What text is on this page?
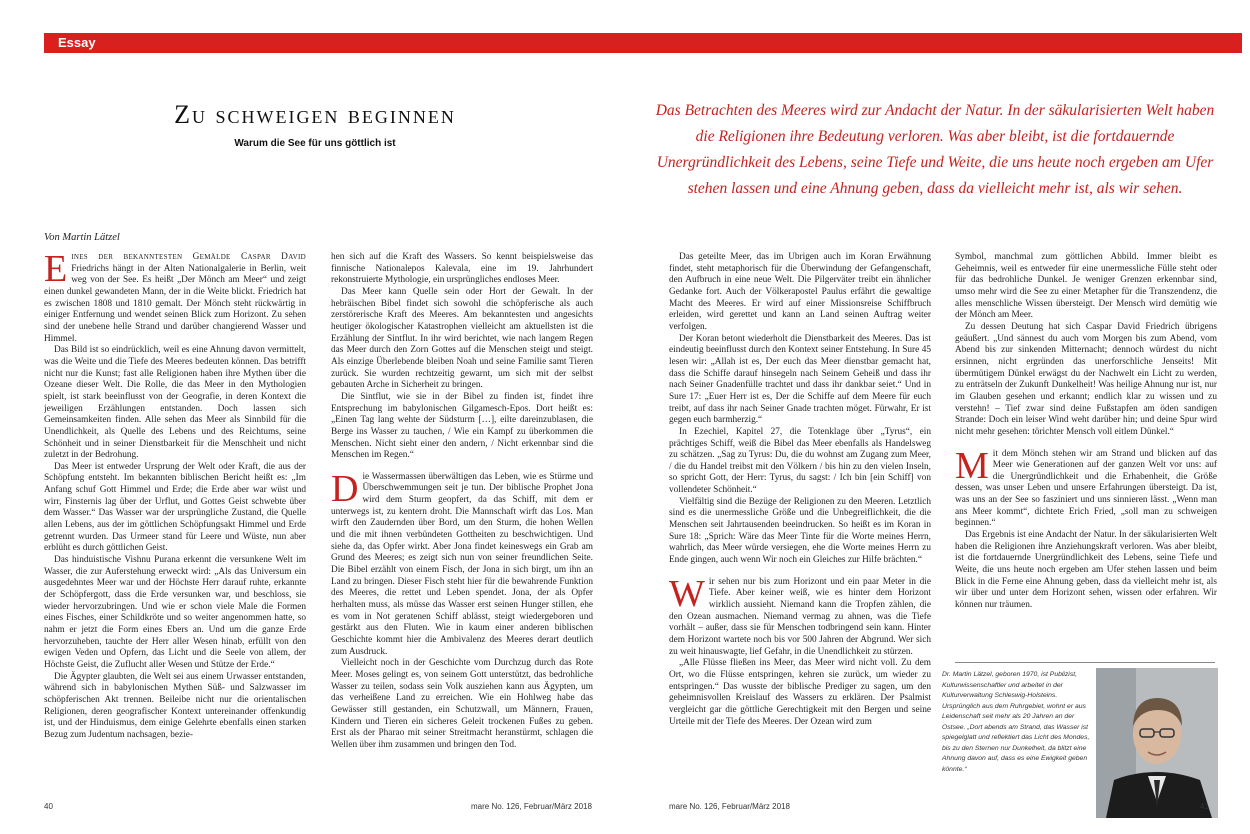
Essay
Zu schweigen beginnen
Warum die See für uns göttlich ist
Das Betrachten des Meeres wird zur Andacht der Natur. In der säkularisierten Welt haben die Religionen ihre Bedeutung verloren. Was aber bleibt, ist die fortdauernde Unergründlichkeit des Lebens, seine Tiefe und Weite, die uns heute noch ergeben am Ufer stehen lassen und eine Ahnung geben, dass da vielleicht mehr ist, als wir sehen.
Von Martin Lätzel

Eines der bekanntesten Gemälde Caspar David Friedrichs hängt in der Alten Nationalgalerie in Berlin, weit weg von der See. Es heißt „Der Mönch am Meer“ und zeigt einen dunkel gewandeten Mann, der in die Weite blickt. Friedrich hat es zwischen 1808 und 1810 gemalt. Der Mönch steht rückwärtig in einiger Entfernung und wendet seinen Blick zum Horizont. Zu sehen sind der unebene helle Strand und darüber changierend Wasser und Himmel.

Das Bild ist so eindrücklich, weil es eine Ahnung davon vermittelt, was die Weite und die Tiefe des Meeres bedeuten können. Das betrifft nicht nur die Kunst; fast alle Religionen haben ihre Mythen über die Ozeane dieser Welt. Die Rolle, die das Meer in den Mythologien spielt, ist stark beeinflusst von der Geografie, in deren Kontext die jeweiligen Erzählungen entstanden. Doch lassen sich Gemeinsamkeiten finden. Alle sehen das Meer als Sinnbild für die Unendlichkeit, als Quelle des Lebens und des Reichtums, seine Schönheit und in seiner Dienstbarkeit für die Menschheit und nicht zuletzt in der Bedrohung.

Das Meer ist entweder Ursprung der Welt oder Kraft, die aus der Schöpfung entsteht. Im bekannten biblischen Bericht heißt es: „Im Anfang schuf Gott Himmel und Erde; die Erde aber war wüst und wirr, Finsternis lag über der Urflut, und Gottes Geist schwebte über dem Wasser.“ Das Wasser war der ursprüngliche Zustand, die Quelle allen Lebens, aus der im göttlichen Schöpfungsakt Himmel und Erde getrennt wurden. Das Urmeer stand für Leere und Wüste, nun aber erblüht es durch göttlichen Geist.

Das hinduistische Vishnu Purana erkennt die versunkene Welt im Wasser, die zur Auferstehung erweckt wird: „Als das Universum ein ausgedehntes Meer war und der Höchste Herr darauf ruhte, erkannte der Schöpfergott, dass die Erde versunken war, und beschloss, sie wieder hervorzubringen. Und wie er schon viele Male die Formen eines Fisches, einer Schildkröte und so weiter angenommen hatte, so nahm er jetzt die Form eines Ebers an. Und um die ganze Erde hervorzuheben, tauchte der Herr aller Wesen hinab, erfüllt von den ewigen Veden und Opfern, das Licht und die Seele von allem, der Höchste Geist, die Zuflucht aller Wesen und Stütze der Erde.“

Die Ägypter glaubten, die Welt sei aus einem Urwasser entstanden, während sich in babylonischen Mythen Süß- und Salzwasser im schöpferischen Akt trennen. Beileibe nicht nur die orientalischen Religionen, deren geografischer Kontext untereinander offenkundig ist, und der Hinduismus, dem einige Gelehrte ebenfalls einen starken Bezug zum Judentum nachsagen, bezie-

hen sich auf die Kraft des Wassers. So kennt beispielsweise das finnische Nationalepos Kalevala, eine im 19. Jahrhundert rekonstruierte Mythologie, ein ursprüngliches endloses Meer.

Das Meer kann Quelle sein oder Hort der Gewalt. In der hebräischen Bibel findet sich sowohl die schöpferische als auch zerstörerische Kraft des Meeres. Am bekanntesten und angesichts heutiger ökologischer Katastrophen vielleicht am aktuellsten ist die Erzählung der Sintflut. In ihr wird berichtet, wie nach langem Regen das Meer durch den Zorn Gottes auf die Menschen steigt und steigt. Als einzige Überlebende bleiben Noah und seine Familie samt Tieren zurück. Sie wurden rechtzeitig gewarnt, um sich mit der selbst gebauten Arche in Sicherheit zu bringen.

Die Sintflut, wie sie in der Bibel zu finden ist, findet ihre Entsprechung im babylonischen Gilgamesch-Epos. Dort heißt es: „Einen Tag lang wehte der Südsturm […], eilte dareinzublasen, die Berge ins Wasser zu tauchen, / Wie ein Kampf zu überkommen die Menschen. Nicht sieht einer den andern, / Nicht erkennbar sind die Menschen im Regen.“

Die Wassermassen überwältigen das Leben, wie es Stürme und Überschwemmungen seit je tun. Der biblische Prophet Jona wird dem Sturm geopfert, da das Schiff, mit dem er unterwegs ist, zu kentern droht. Die Mannschaft wirft das Los. Man wirft den Zaudernden über Bord, um den Sturm, die hohen Wellen und die mit ihnen verbündeten Gottheiten zu beschwichtigen. Und siehe da, das Opfer wirkt. Aber Jona findet keineswegs ein Grab am Grund des Meeres; es zeigt sich nun von seiner freundlichen Seite. Die Bibel erzählt von einem Fisch, der Jona in sich birgt, um ihn an Land zu bringen. Dieser Fisch steht hier für die bewahrende Funktion des Meeres, die rettet und Leben spendet. Jona, der als Opfer herhalten muss, als müsse das Wasser erst seinen Hunger stillen, ehe es vom in Not geratenen Schiff ablässt, steigt wiedergeboren und gestärkt aus den Fluten. Wie in kaum einer anderen biblischen Geschichte kommt hier die Ambivalenz des Meeres derart deutlich zum Ausdruck.

Vielleicht noch in der Geschichte vom Durchzug durch das Rote Meer. Moses gelingt es, von seinem Gott unterstützt, das bedrohliche Wasser zu teilen, sodass sein Volk ausziehen kann aus Ägypten, um das verheißene Land zu erreichen. Wie ein Hohlweg habe das Gewässer still gestanden, ein Schutzwall, um Männern, Frauen, Kindern und Tieren ein sicheres Geleit trockenen Fußes zu geben. Erst als der Pharao mit seiner Streitmacht heranstürmt, schlagen die Wellen über ihm zusammen und bringen den Tod.

Das geteilte Meer, das im Übrigen auch im Koran Erwähnung findet, steht metaphorisch für die Überwindung der Gefangenschaft, den Aufbruch in eine neue Welt. Die Pilgerväter treibt ein ähnlicher Gedanke fort. Auch der Völkerapostel Paulus erfährt die gewaltige Macht des Meeres. Er wird auf einer Missionsreise Schiffbruch erleiden, wird gerettet und kann an Land seinen Auftrag weiter verfolgen.

Der Koran betont wiederholt die Dienstbarkeit des Meeres. Das ist eindeutig beeinflusst durch den Kontext seiner Entstehung. In Sure 45 lesen wir: „Allah ist es, Der euch das Meer dienstbar gemacht hat, dass die Schiffe darauf hinsegeln nach Seinem Geheiß und dass ihr nach Seiner Gnadenfülle trachtet und dass ihr dankbar seiet.“ Und in Sure 17: „Euer Herr ist es, Der die Schiffe auf dem Meere für euch treibt, auf dass ihr nach Seiner Gnade trachten möget. Fürwahr, Er ist gegen euch barmherzig.“

In Ezechiel, Kapitel 27, die Totenklage über „Tyrus“, ein prächtiges Schiff, weiß die Bibel das Meer ebenfalls als Handelsweg zu schätzen. „Sag zu Tyrus: Du, die du wohnst am Zugang zum Meer, / die du Handel treibst mit den Völkern / bis hin zu den vielen Inseln, so spricht Gott, der Herr: Tyrus, du sagst: / Ich bin [ein Schiff] von vollendeter Schönheit.“

Vielfältig sind die Bezüge der Religionen zu den Meeren. Letztlich sind es die unermessliche Größe und die Unbegreiflichkeit, die die Menschen seit Jahrtausenden beeindrucken. So heißt es im Koran in Sure 18: „Sprich: Wäre das Meer Tinte für die Worte meines Herrn, wahrlich, das Meer würde versiegen, ehe die Worte meines Herrn zu Ende gingen, auch wenn Wir noch ein Gleiches zur Hilfe brächten.“

Wir sehen nur bis zum Horizont und ein paar Meter in die Tiefe. Aber keiner weiß, wie es hinter dem Horizont wirklich aussieht. Niemand kann die Tropfen zählen, die den Ozean ausmachen. Niemand vermag zu ahnen, was die Tiefe vorhält – außer, dass sie für Menschen todbringend sein kann. Hinter dem Horizont wartete noch bis vor 500 Jahren der Abgrund. Wer sich zu weit hinauswagte, lief Gefahr, in die Unendlichkeit zu stürzen.

„Alle Flüsse fließen ins Meer, das Meer wird nicht voll. Zu dem Ort, wo die Flüsse entspringen, kehren sie zurück, um wieder zu entspringen.“ Das wusste der biblische Prediger zu sagen, um den geheimnisvollen Kreislauf des Wassers zu erklären. Der Psalmist vergleicht gar die göttliche Gerechtigkeit mit den Bergen und seine Urteile mit der Tiefe des Meeres. Der Ozean wird zum

Symbol, manchmal zum göttlichen Abbild. Immer bleibt es Geheimnis, weil es entweder für eine unermessliche Fülle steht oder für das bedrohliche Dunkel. Je weniger Grenzen erkennbar sind, umso mehr wird die See zu einer Metapher für die Transzendenz, die alles menschliche Wissen übersteigt. Der Mensch wird demütig wie der Mönch am Meer.

Zu dessen Deutung hat sich Caspar David Friedrich übrigens geäußert. „Und sännest du auch vom Morgen bis zum Abend, vom Abend bis zur sinkenden Mitternacht; dennoch würdest du nicht ersinnen, nicht ergründen das unerforschliche Jenseits! Mit übermütigem Dünkel erwägst du der Nachwelt ein Licht zu werden, zu enträtseln der Zukunft Dunkelheit! Was heilige Ahnung nur ist, nur im Glauben gesehen und erkannt; endlich klar zu wissen und zu verstehn! – Tief zwar sind deine Fußstapfen am öden sandigen Strande: Doch ein leiser Wind weht darüber hin; und deine Spur wird nicht mehr gesehen: törichter Mensch voll eitlem Dünkel.“

Mit dem Mönch stehen wir am Strand und blicken auf das Meer wie Generationen auf der ganzen Welt vor uns: auf die Unergründlichkeit und die Erhabenheit, die Größe dessen, was unser Leben und unsere Erfahrungen übersteigt. Da ist, was uns an der See so fasziniert und uns sinnieren lässt. „Wenn man ans Meer kommt“, dichtete Erich Fried, „soll man zu schweigen beginnen.“

Das Ergebnis ist eine Andacht der Natur. In der säkularisierten Welt haben die Religionen ihre Anziehungskraft verloren. Was aber bleibt, ist die fortdauernde Unergründlichkeit des Lebens, seine Tiefe und Weite, die uns heute noch ergeben am Ufer stehen lassen und beim Blick in die Ferne eine Ahnung geben, dass da vielleicht mehr ist, als wir über und unter dem Horizont sehen, wissen oder erfahren. Wir können nur träumen.

Dr. Martin Lätzel, geboren 1970, ist Publizist, Kulturwissenschaftler und arbeitet in der Kulturverwaltung Schleswig-Holsteins. Ursprünglich aus dem Ruhrgebiet, wohnt er aus Leidenschaft seit mehr als 20 Jahren an der Ostsee. „Dort abends am Strand, das Wasser ist spiegelglatt und reflektiert das Licht des Mondes, bis zu den Sternen nur Dunkelheit, da blitzt eine Ahnung davon auf, dass es eine Ewigkeit geben könnte.“
40	mare No. 126, Februar/März 2018	mare No. 126, Februar/März 2018	41
